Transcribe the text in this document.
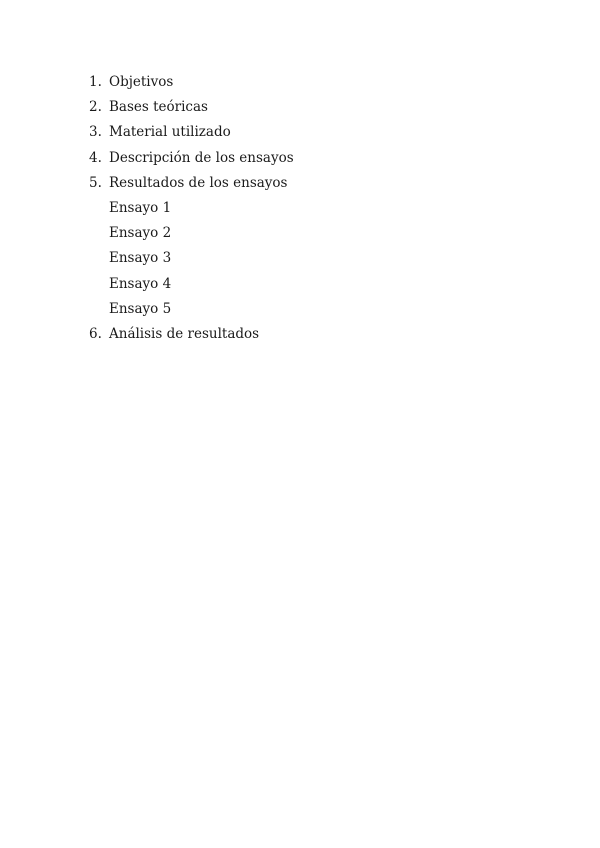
1. Objetivos
2. Bases teóricas
3. Material utilizado
4. Descripción de los ensayos
5. Resultados de los ensayos
Ensayo 1
Ensayo 2
Ensayo 3
Ensayo 4
Ensayo 5
6. Análisis de resultados
